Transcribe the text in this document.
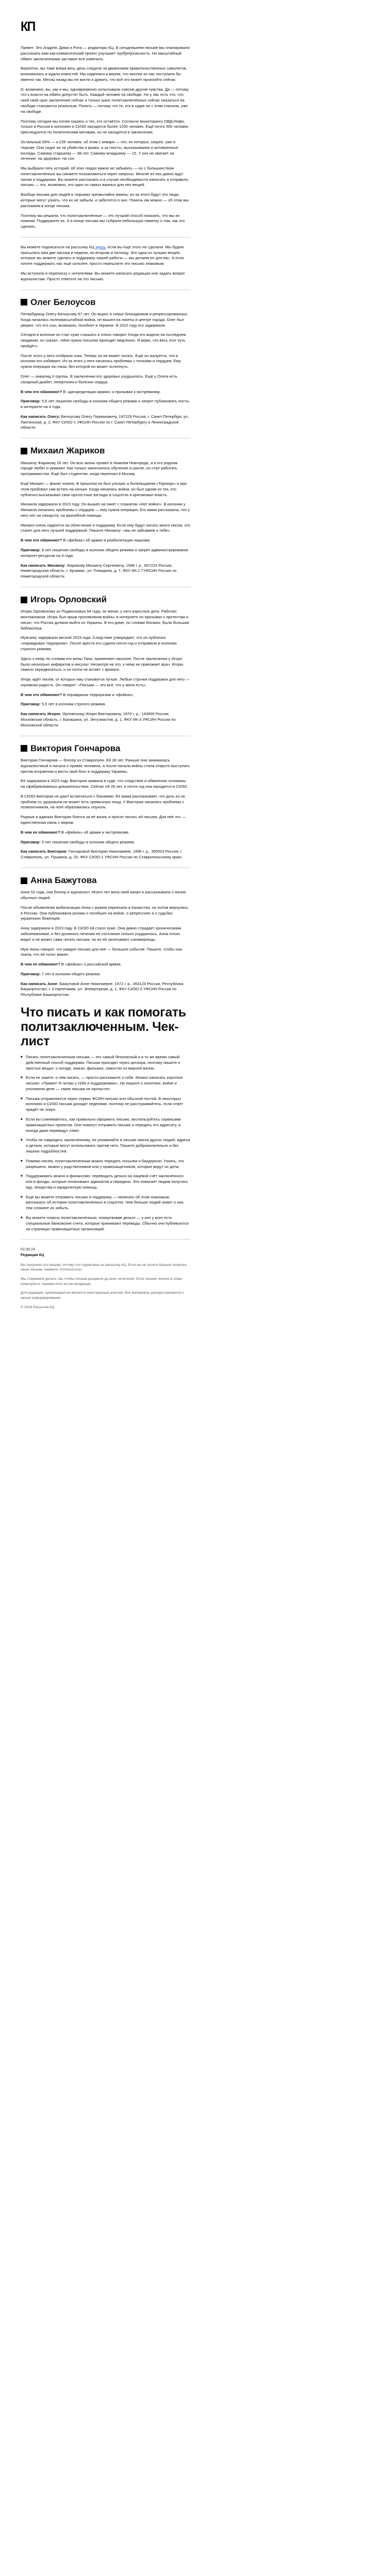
КП

Привет. Это Андрей, Дима и Рита — редакторы КЦ. В сегодняшнем письме мы планировали рассказать вам как-климатический проект улучшает труб[еп]опасность. Но масштабный обмен заключенными заставил всё изменить.

Вероятно, вы тоже вчера весь день следили за движением правительственных самолетов, волновались и ждали новостей. Мы надеемся и верим, что многие из нас поступили бы именно так. Месяц назад мы не могли и думать, что всё это может произойти сейчас.

И, возможно, вы, как и мы, одновременно испытывали совсем другие чувства. Да — потому что к власти на обмен допустят быть. Каждый человек на свободе. Но у нас есть что, что свой свой срок заключения сейчас и только шанс политзаключённых сейчас оказаться на свободе становится реальным. Понять — потому что те, кто в гадке не с этим списком, уже на свободе.

Поэтому сегодня мы хотим сказать о тех, кто остаётся. Согласно мониторингу ОВД-Инфо, только в России в колониях и СИЗО находятся более 1200 человек. Ещё почти 500 человек преследуются по политическим мотивам, но не находятся в заключении.

Остальные 69% — и 235 человек, об этом с января — это, их которых, скорее, уже в тюрьме. Они сидят не за убийства и кражи, а за тексты, высказывания и антивоенные взгляды. Самому старшему — 86 лет. Самому младшему — 15. У них не хватает на лечение, на здоровье, на сон.

Мы выбрали пять историй, об этих людях важно не забывать — но с большинством политзаключённых вы сможете познакомиться через запросы. Многие из них давно ждут писем и поддержки. Вы можете рассказать и в случае необходимости написать и отправить письмо — это, возможно, это одно из самых важных для них вещей.

Вообще письма для людей в тюрьмах чрезвычайно важны: из-за этого будут эти люди, которые могут узнать, что их не забыли, и заботятся о них. Помочь им можно — об этом мы расскажем в конце письма.

Поэтому мы решили, что политзаключённые — это лучший способ показать, что мы их помним. Поддержите их. А в конце письма мы собрали небольшую памятку о том, как это сделать.

Вы можете подписаться на рассылку КЦ здесь, если вы еще этого не сделали. Мы будем присылать вам две письма в неделю, во вторник и пятницу. Это одна из лучших вещей, которые вы можете сделать в поддержку нашей работы — мы делаем ее для вас. А если хотите поддержать нас ещё сильнее, просто перешлите это письмо знакомым.

Мы вступили в переписку с читателями. Вы можете написать редакции или задать вопрос журналистам. Просто ответьте на это письмо.

Олег Белоусов

Петербуржцу Олегу Белоусову 67 лет. Он вырос в семье блокадников и репрессированных. Когда началась полномасштабная война, он вышел на пикеты в центре города. Олег был уверен, что его сын, возможно, погибнет в Украине. В 2022 году его задержали.

Сегодня в колонии он стал хуже слышать и плохо говорит. Когда его видели на последнем свидании, он сказал: «Мне нужно посылки приходят медленно. Я верю, что весь этот путь пройдёт».

После этого у него отобрали очки. Теперь он не может читать. Ещё он жалуется, что в колонии его избивают. Из-за этого у него начались проблемы с почками и сердцем. Ему нужна операция на глаза, без которой он может ослепнуть.

Олег — инвалид II группы. В заключении его здоровье ухудшилось. Ещё у Олега есть сахарный диабет, гипертония и болезни сердца.

В чем его обвиняют? В «дискредитации армии» и призывах к экстремизму.

Приговор: 5,5 лет лишения свободы в колонии общего режима и запрет публиковать посты в интернете на 4 года.

Как написать Олегу: Белоусову Олегу Германовичу, 197229 Россия, г. Санкт-Петербург, ул. Лахтинская, д. 2, ФКУ СИЗО-1 УФСИН России по г. Санкт-Петербургу и Ленинградской области.

Михаил Жариков

Михаилу Жарикову 26 лет. Он всю жизнь провел в Нижнем Новгороде, а в его родном городе любят и уважают. Как только закончилось обучение в школе, он стал работать программистом. Ещё был студентом, когда переехал в Москву.

Ещё Михаил — фанат хоккея. В прошлом он был ультрас и болельщиком «Торпедо» и при этом пробовал сам встать на коньки. Когда началась война, он был одним из тех, кто публично высказывал свои протестные взгляды в соцсетях и критиковал власть.

Михаила задержали в 2023 году. Он вышел на пикет с плакатом «Нет войне». В колонии у Михаила начались проблемы с сердцем — ему нужна операция. Его мама рассказала, что у него нет ни лекарств, ни врачебной помощи.

Михаил очень надеется на облегчение и поддержку. Если ему будут писать много писем, это станет для него лучшей поддержкой. Пишите Михаилу: «мы не забываем о тебе».

В чем его обвиняют? В «фейках» об армии и реабилитации нацизма.

Приговор: 8 лет лишения свободы в колонии общего режима и запрет администрирования интернет-ресурсов на 4 года.

Как написать Михаилу: Жарикову Михаилу Сергеевичу, 1998 г. р., 607223 Россия, Нижегородская область, г. Арзамас, ул. Пландина, д. 7, ФКУ ИК-1 ГУФСИН России по Нижегородской области.

Игорь Орловский

Игорю Орловскому из Подмосковья 54 года, он женат, у него взрослые дети. Работал монтажником. Игорь был ярым противником войны: в интернете он призывал к протестам и писал, что Россия должна выйти из Украины. В его доме, по словам близких, была большая библиотека.

Мужчину задержали весной 2023 года. Следствие утверждает, что он публично «оправдывал терроризм». После ареста его судили почти год и отправили в колонию строгого режима.

Здесь к нему, по словам его жены Тани, применяют насилие. После заключения у Игоря было несколько инфарктов и инсульт. Несмотря на это, к нему не приезжает врач. Игорю тяжело передвигаться, и он почти не встаёт с кровати.

Игорь ждёт писем, от которых ему становится лучше. Любые строчки поддержки для него — огромная радость. Он говорит: «Письма — это всё, что у меня есть».

В чем его обвиняют? В оправдании терроризма и «фейках».

Приговор: 5,5 лет в колонии строгого режима.

Как написать Игорю: Орловскому Игорю Викторовичу, 1970 г. р., 143900 Россия, Московская область, г. Балашиха, ул. Энтузиастов, д. 1, ФКУ ИК-3 УФСИН России по Московской области.

Виктория Гончарова

Виктория Гончарова — блогер из Ставрополя. Ей 28 лет. Раньше она занималась журналистикой и писала о правах человека, а после начала войны стала открыто выступать против вторжения и вести свой блог в поддержку Украины.

Её задержали в 2023 году. Виктория заявила в суде, что следствие и обвинение основаны на сфабрикованных доказательствах. Сейчас ей 28 лет, и почти год она находится в СИЗО.

В СИЗО Виктории не дают встречаться с близкими. Её мама рассказывает, что дочь из-за проблем со здоровьем не может есть привычную пищу. У Виктории начались проблемы с позвоночником, на ноге образовалась опухоль.

Родные и адвокат Виктории боятся за её жизнь и просят писать ей письма. Для неё это — единственная связь с миром.

В чем ее обвиняют? В «фейках» об армии и экстремизме.

Приговор: 5 лет лишения свободы в колонии общего режима.

Как написать Виктории: Гончаровой Виктории Николаевне, 1996 г. р., 355003 Россия, г. Ставрополь, ул. Пушкина, д. 20, ФКУ СИЗО-1 УФСИН России по Ставропольскому краю.

Анна Бажутова

Анне 52 года, она блогер и журналист. Много лет вела свой канал и рассказывала о жизни обычных людей.

После объявления мобилизации Анна с мужем переехали в Казахстан, но потом вернулись в Россию. Она публиковала ролики о погибших на войне, о репрессиях и о судьбах украинских беженцев.

Анну задержали в 2023 году. В СИЗО ей стало хуже. Она давно страдает хроническими заболеваниями, и без должного лечения её состояние сильно ухудшилось. Анна плохо видит и не может сама читать письма, но их ей зачитывают сокамерницы.

Муж Анны говорит, что каждое письмо для неё — большое событие. Пишите, чтобы она знала, что её голос важен.

В чем ее обвиняют? В «фейках» о российской армии.

Приговор: 7 лет в колонии общего режима.

Как написать Анне: Бажутовой Анне Николаевне, 1972 г. р., 453124 Россия, Республика Башкортостан, г. Стерлитамак, ул. Элеваторная, д. 1, ФКУ СИЗО-2 УФСИН России по Республике Башкортостан.

Что писать и как помогать политзаключенным. Чек-лист
■ Писать политзаключенным письма — это самый безопасный и в то же время самый действенный способ поддержки. Письма приходят через цензора, поэтому пишите о простых вещах: о погоде, книгах, фильмах, новостях из мирной жизни.
■ Если не знаете, о чём писать, — просто расскажите о себе. Можно написать короткое письмо: «Привет! Я читаю о тебе и поддерживаю». Не пишите о политике, войне и уголовном деле — такие письма не пропустят.
■ Письма отправляются через сервис ФСИН-письмо или обычной почтой. В некоторых колониях и СИЗО письма доходят неделями, поэтому не расстраивайтесь, если ответ придёт не скоро.
■ Если вы сомневаетесь, как правильно оформить письмо, воспользуйтесь сервисами правозащитных проектов. Они помогут отправить письмо и передать его адресату, а иногда даже переведут ответ.
■ Чтобы не навредить заключённому, не упоминайте в письме имена других людей, адреса и детали, которые могут использовать против него. Пишите доброжелательно и без лишних подробностей.
■ Помимо писем, политзаключённым можно передать посылки и бандероли. Узнать, что разрешено, можно у родственников или у правозащитников, которые ведут их дела.
■ Поддерживать можно и финансово: переводить деньги на лицевой счёт заключённого или в фонды, которые оплачивают адвокатов и передачи. Это помогает людям получать еду, лекарства и юридическую помощь.
■ Ещё вы можете отправить письмо в поддержку — написать об этом знакомым, рассказать об истории политзаключённых в соцсетях. Чем больше людей знают о них, тем сложнее их забыть.
■ Вы можете помочь политзаключённым, пожертвовав деньги — у них у всех есть специальные банковские счета, которые принимают переводы. Обычно они публикуются на страницах правозащитных организаций.
02.08.24
Редакция КЦ

Вы получили это письмо, потому что подписаны на рассылку КЦ. Если вы не хотите больше получать наши письма, нажмите «Отписаться».

Мы стараемся делать так, чтобы письма доходили до всех читателей. Если письмо попало в спам, пожалуйста, переместите его во входящие.

Для редакции: организация не является иностранным агентом. Все материалы распространяются с целью информирования.

© 2024 Рассылка КЦ
